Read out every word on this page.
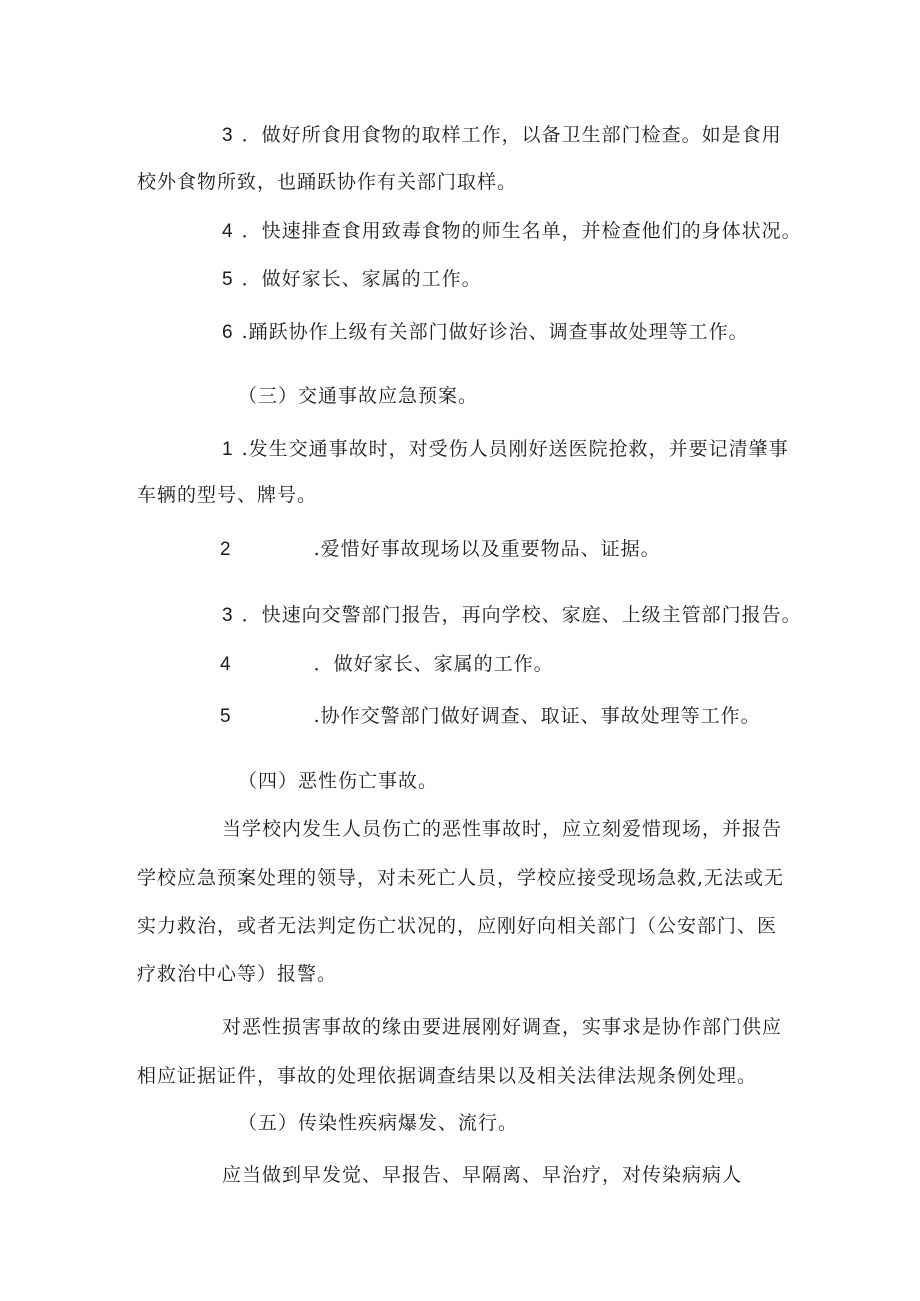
3 ．做好所食用食物的取样工作，以备卫生部门检查。如是食用
校外食物所致，也踊跃协作有关部门取样。
4 ．快速排查食用致毒食物的师生名单，并检查他们的身体状况。
5 ．做好家长、家属的工作。
6 .踊跃协作上级有关部门做好诊治、调查事故处理等工作。
（三）交通事故应急预案。
1 .发生交通事故时，对受伤人员刚好送医院抢救，并要记清肇事
车辆的型号、牌号。
2	.爱惜好事故现场以及重要物品、证据。
3 ．快速向交警部门报告，再向学校、家庭、上级主管部门报告。
4	．做好家长、家属的工作。
5	.协作交警部门做好调查、取证、事故处理等工作。
（四）恶性伤亡事故。
当学校内发生人员伤亡的恶性事故时，应立刻爱惜现场，并报告
学校应急预案处理的领导，对未死亡人员，学校应接受现场急救,无法或无
实力救治，或者无法判定伤亡状况的，应刚好向相关部门（公安部门、医
疗救治中心等）报警。
对恶性损害事故的缘由要进展刚好调查，实事求是协作部门供应
相应证据证件，事故的处理依据调查结果以及相关法律法规条例处理。
（五）传染性疾病爆发、流行。
应当做到早发觉、早报告、早隔离、早治疗，对传染病病人
